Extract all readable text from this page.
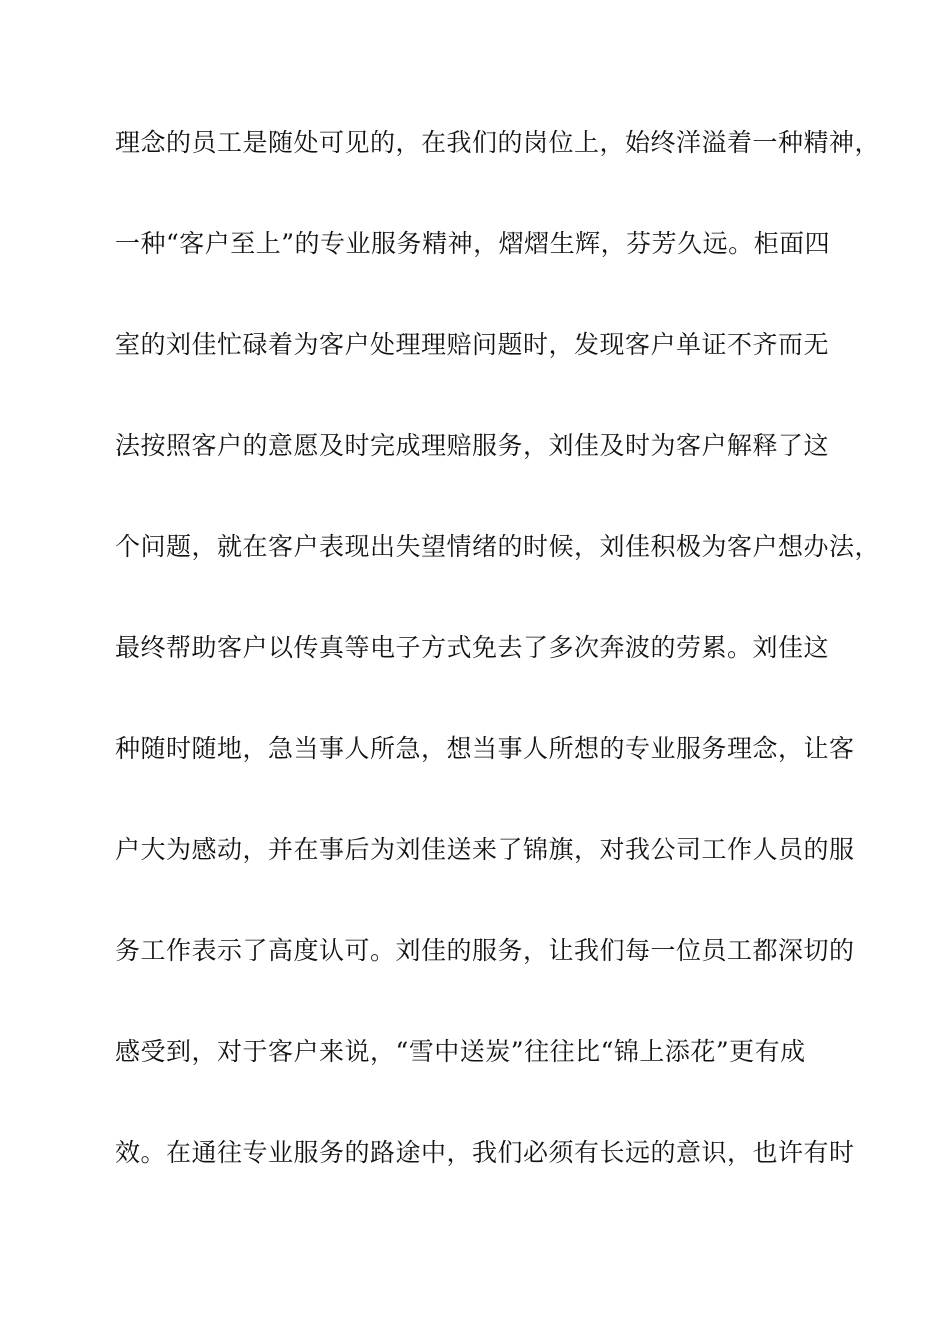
理念的员工是随处可见的，在我们的岗位上，始终洋溢着一种精神，
一种“客户至上”的专业服务精神，熠熠生辉，芬芳久远。柜面四
室的刘佳忙碌着为客户处理理赔问题时，发现客户单证不齐而无
法按照客户的意愿及时完成理赔服务，刘佳及时为客户解释了这
个问题，就在客户表现出失望情绪的时候，刘佳积极为客户想办法，
最终帮助客户以传真等电子方式免去了多次奔波的劳累。刘佳这
种随时随地，急当事人所急，想当事人所想的专业服务理念，让客
户大为感动，并在事后为刘佳送来了锦旗，对我公司工作人员的服
务工作表示了高度认可。刘佳的服务，让我们每一位员工都深切的
感受到，对于客户来说，“雪中送炭”往往比“锦上添花”更有成
效。在通往专业服务的路途中，我们必须有长远的意识，也许有时
